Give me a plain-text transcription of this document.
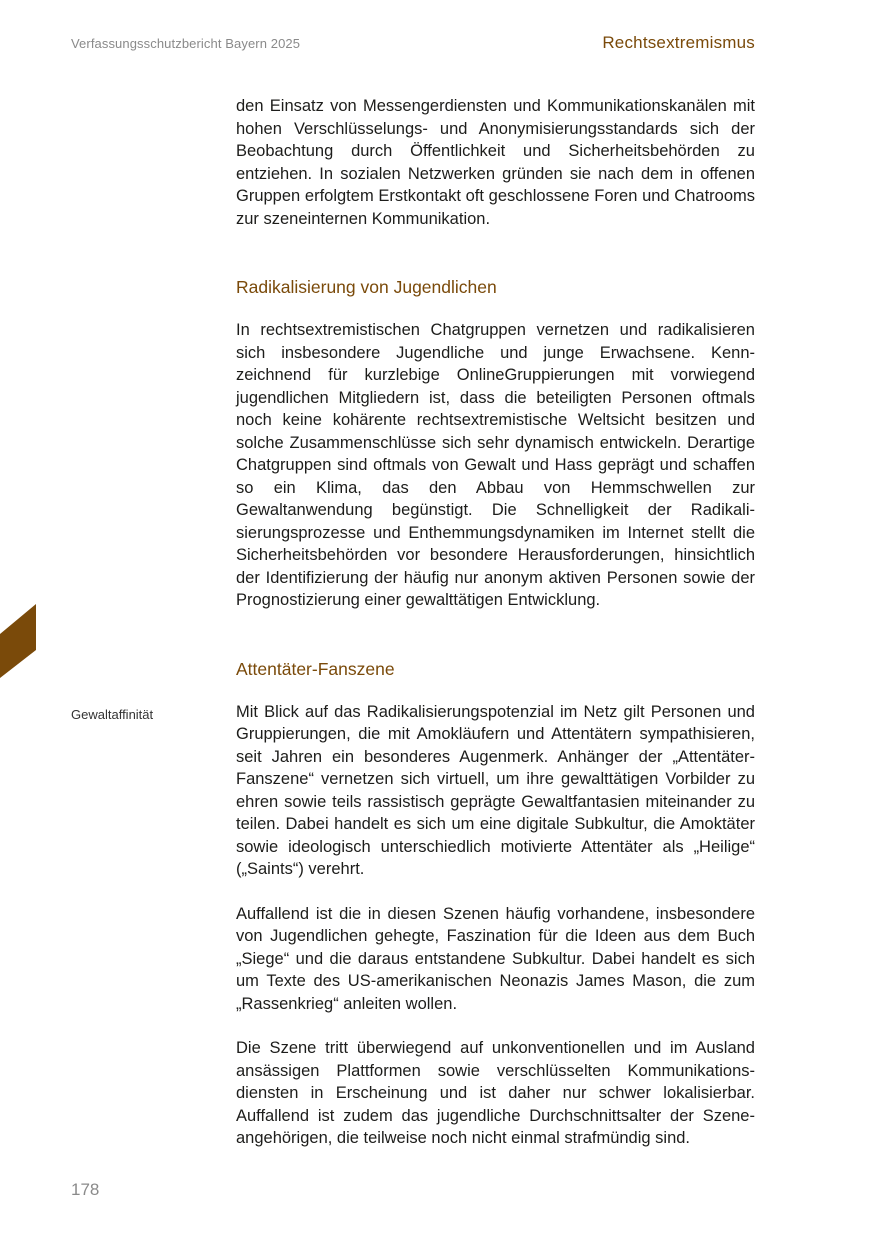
Verfassungsschutzbericht Bayern 2025	Rechtsextremismus
Gewaltaffinität

den Einsatz von Messengerdiensten und Kommunikationskanälen mit hohen Verschlüsselungs- und Anonymisierungsstandards sich der Beobachtung durch Öffentlichkeit und Sicherheitsbehörden zu entziehen. In sozialen Netzwerken gründen sie nach dem in offenen Gruppen erfolgtem Erstkontakt oft geschlossene Foren und Chatrooms zur szeneinternen Kommunikation.

Radikalisierung von Jugendlichen

In rechtsextremistischen Chatgruppen vernetzen und radikalisieren sich insbesondere Jugendliche und junge Erwachsene. Kennzeichnend für kurzlebige OnlineGruppierungen mit vorwiegend jugendlichen Mitgliedern ist, dass die beteiligten Personen oftmals noch keine kohärente rechtsextremistische Weltsicht besitzen und solche Zusammenschlüsse sich sehr dynamisch entwickeln. Derartige Chatgruppen sind oftmals von Gewalt und Hass geprägt und schaffen so ein Klima, das den Abbau von Hemmschwellen zur Gewaltanwendung begünstigt. Die Schnelligkeit der Radikalisierungsprozesse und Enthemmungsdynamiken im Internet stellt die Sicherheitsbehörden vor besondere Herausforderungen, hinsichtlich der Identifizierung der häufig nur anonym aktiven Personen sowie der Prognostizierung einer gewalttätigen Entwicklung.

Attentäter-Fanszene

Mit Blick auf das Radikalisierungspotenzial im Netz gilt Personen und Gruppierungen, die mit Amokläufern und Attentätern sympathisieren, seit Jahren ein besonderes Augenmerk. Anhänger der „Attentäter-Fanszene“ vernetzen sich virtuell, um ihre gewalttätigen Vorbilder zu ehren sowie teils rassistisch geprägte Gewaltfantasien miteinander zu teilen. Dabei handelt es sich um eine digitale Subkultur, die Amoktäter sowie ideologisch unterschiedlich motivierte Attentäter als „Heilige“ („Saints“) verehrt.

Auffallend ist die in diesen Szenen häufig vorhandene, insbesondere von Jugendlichen gehegte, Faszination für die Ideen aus dem Buch „Siege“ und die daraus entstandene Subkultur. Dabei handelt es sich um Texte des US-amerikanischen Neonazis James Mason, die zum „Rassenkrieg“ anleiten wollen.

Die Szene tritt überwiegend auf unkonventionellen und im Ausland ansässigen Plattformen sowie verschlüsselten Kommunikationsdiensten in Erscheinung und ist daher nur schwer lokalisierbar. Auffallend ist zudem das jugendliche Durchschnittsalter der Szeneangehörigen, die teilweise noch nicht einmal strafmündig sind.

178
